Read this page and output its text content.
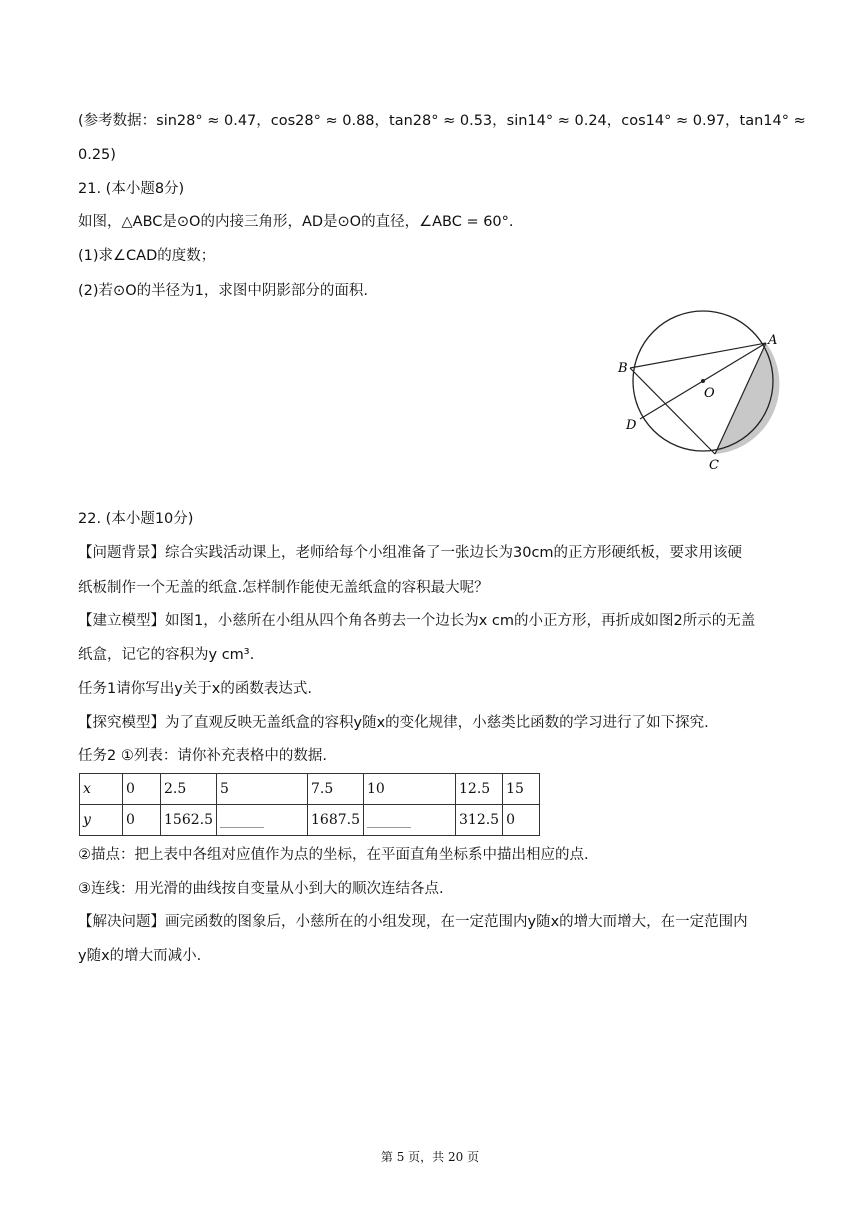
(参考数据：sin28° ≈ 0.47，cos28° ≈ 0.88，tan28° ≈ 0.53，sin14° ≈ 0.24，cos14° ≈ 0.97，tan14° ≈
0.25)
21. (本小题8分)
如图，△ABC是⊙O的内接三角形，AD是⊙O的直径，∠ABC = 60°.
(1)求∠CAD的度数；
(2)若⊙O的半径为1，求图中阴影部分的面积.
A
B
C
D
O
22. (本小题10分)
【问题背景】综合实践活动课上，老师给每个小组准备了一张边长为30cm的正方形硬纸板，要求用该硬
纸板制作一个无盖的纸盒.怎样制作能使无盖纸盒的容积最大呢？
【建立模型】如图1，小慈所在小组从四个角各剪去一个边长为x cm的小正方形，再折成如图2所示的无盖
纸盒，记它的容积为y cm³.
任务1请你写出y关于x的函数表达式.
【探究模型】为了直观反映无盖纸盒的容积y随x的变化规律，小慈类比函数的学习进行了如下探究.
任务2 ①列表：请你补充表格中的数据.
x	0	2.5	5	7.5	10	12.5	15
y	0	1562.5		1687.5		312.5	0
②描点：把上表中各组对应值作为点的坐标，在平面直角坐标系中描出相应的点.
③连线：用光滑的曲线按自变量从小到大的顺次连结各点.
【解决问题】画完函数的图象后，小慈所在的小组发现，在一定范围内y随x的增大而增大，在一定范围内
y随x的增大而减小.
第 5 页，共 20 页
